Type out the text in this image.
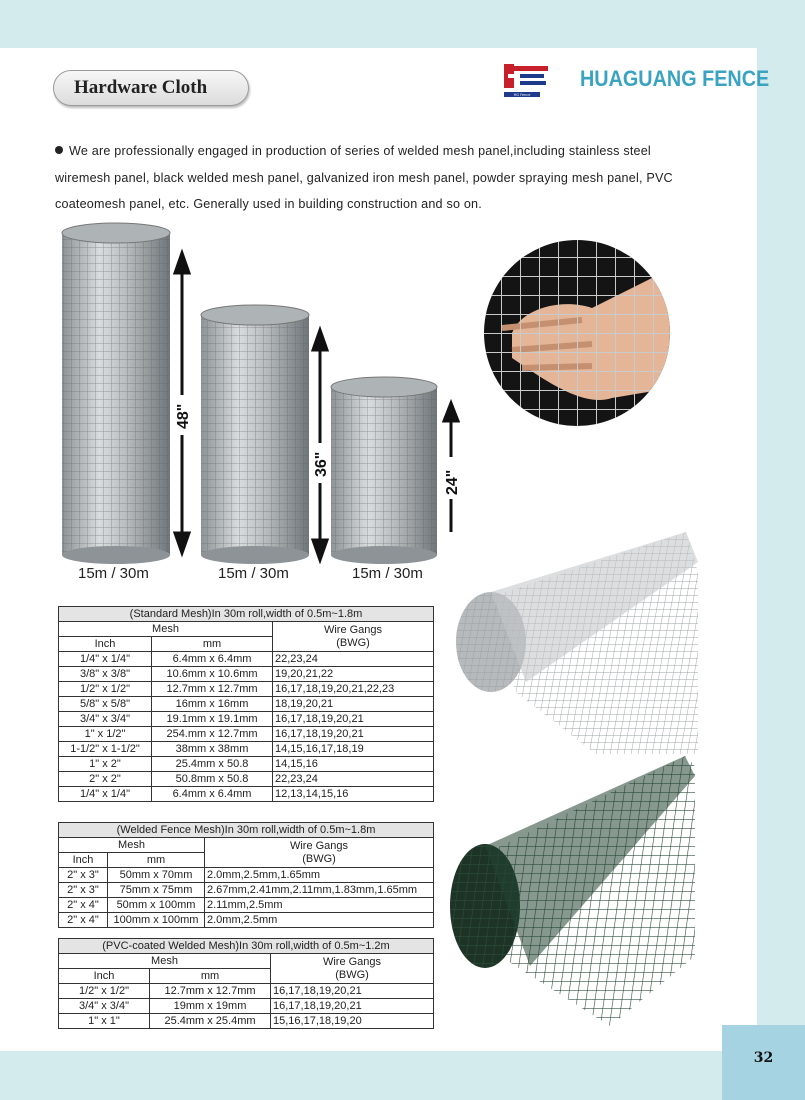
32
Hardware Cloth	HG Fence
HUAGUANG FENCE
We are professionally engaged in production of series of welded mesh panel,including stainless steel
wiremesh panel, black welded mesh panel, galvanized iron mesh panel, powder spraying mesh panel, PVC
coateomesh panel, etc. Generally used in building construction and so on.
48"
36"
24"
15m / 30m	15m / 30m	15m / 30m
(Standard Mesh)In 30m roll,width of 0.5m~1.8m		
Mesh		Wire Gangs
(BWG)
Inch	mm	
1/4" x 1/4"	6.4mm x 6.4mm	22,23,24
3/8" x 3/8"	10.6mm x 10.6mm	19,20,21,22
1/2" x 1/2"	12.7mm x 12.7mm	16,17,18,19,20,21,22,23
5/8" x 5/8"	16mm x 16mm	18,19,20,21
3/4" x 3/4"	19.1mm x 19.1mm	16,17,18,19,20,21
1" x 1/2"	254.mm x 12.7mm	16,17,18,19,20,21
1-1/2" x 1-1/2"	38mm x 38mm	14,15,16,17,18,19
1" x 2"	25.4mm x 50.8	14,15,16
2" x 2"	50.8mm x 50.8	22,23,24
1/4" x 1/4"	6.4mm x 6.4mm	12,13,14,15,16
(Welded Fence Mesh)In 30m roll,width of 0.5m~1.8m		
Mesh		Wire Gangs
(BWG)
Inch	mm	
2" x 3"	50mm x 70mm	2.0mm,2.5mm,1.65mm
2" x 3"	75mm x 75mm	2.67mm,2.41mm,2.11mm,1.83mm,1.65mm
2" x 4"	50mm x 100mm	2.11mm,2.5mm
2" x 4"	100mm x 100mm	2.0mm,2.5mm
(PVC-coated Welded Mesh)In 30m roll,width of 0.5m~1.2m		
Mesh		Wire Gangs
(BWG)
Inch	mm	
1/2" x 1/2"	12.7mm x 12.7mm	16,17,18,19,20,21
3/4" x 3/4"	19mm x 19mm	16,17,18,19,20,21
1" x 1"	25.4mm x 25.4mm	15,16,17,18,19,20
